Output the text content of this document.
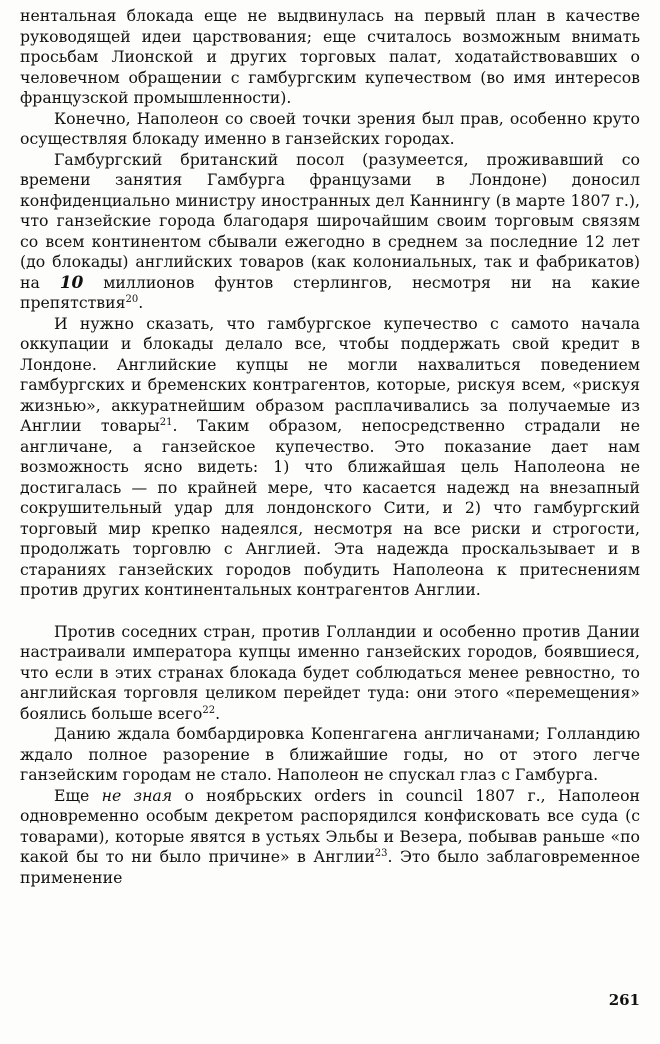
нентальная блокада еще не выдвинулась на первый план в качестве руководящей идеи царствования; еще считалось возможным внимать просьбам Лионской и других торговых палат, ходатайствовавших о человечном обращении с гамбургским купечеством (во имя интересов французской промышленности).

Конечно, Наполеон со своей точки зрения был прав, особенно круто осуществляя блокаду именно в ганзейских городах.

Гамбургский британский посол (разумеется, проживавший со времени занятия Гамбурга французами в Лондоне) доносил конфиденциально министру иностранных дел Каннингу (в марте 1807 г.), что ганзейские города благодаря широчайшим своим торговым связям со всем континентом сбывали ежегодно в среднем за последние 12 лет (до блокады) английских товаров (как колониальных, так и фабрикатов) на 10 миллионов фунтов стерлингов, несмотря ни на какие препятствия$^{20}$.

И нужно сказать, что гамбургское купечество с самото начала оккупации и блокады делало все, чтобы поддержать свой кредит в Лондоне. Английские купцы не могли нахвалиться поведением гамбургских и бременских контрагентов, которые, рискуя всем, «рискуя жизнью», аккуратнейшим образом расплачивались за получаемые из Англии товары$^{21}$. Таким образом, непосредственно страдали не англичане, а ганзейское купечество. Это показание дает нам возможность ясно видеть: 1) что ближайшая цель Наполеона не достигалась — по крайней мере, что касается надежд на внезапный сокрушительный удар для лондонского Сити, и 2) что гамбургский торговый мир крепко надеялся, несмотря на все риски и строгости, продолжать торговлю с Англией. Эта надежда проскальзывает и в стараниях ганзейских городов побудить Наполеона к притеснениям против других континентальных контрагентов Англии.

Против соседних стран, против Голландии и особенно против Дании настраивали императора купцы именно ганзейских городов, боявшиеся, что если в этих странах блокада будет соблюдаться менее ревностно, то английская торговля целиком перейдет туда: они этого «перемещения» боялись больше всего$^{22}$.

Данию ждала бомбардировка Копенгагена англичанами; Голландию ждало полное разорение в ближайшие годы, но от этого легче ганзейским городам не стало. Наполеон не спускал глаз с Гамбурга.

Еще не зная о ноябрьских orders in council 1807 г., Наполеон одновременно особым декретом распорядился конфисковать все суда (с товарами), которые явятся в устьях Эльбы и Везера, побывав раньше «по какой бы то ни было причине» в Англии$^{23}$. Это было заблаговременное применение

261
